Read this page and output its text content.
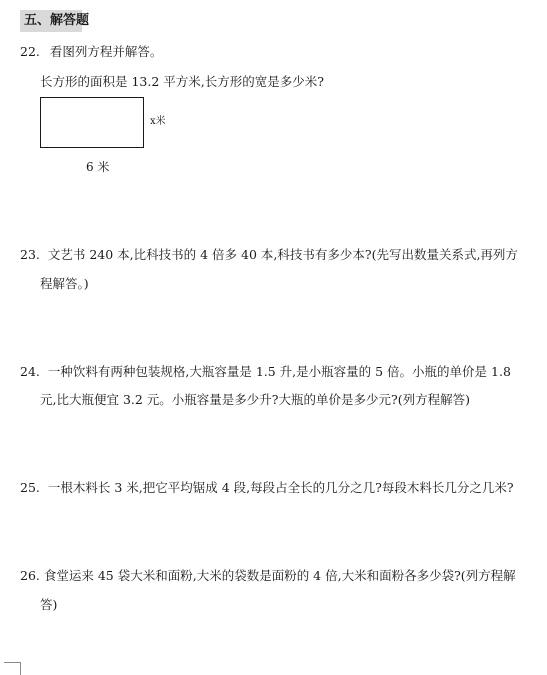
五、解答题
22. 看图列方程并解答。
长方形的面积是 13.2 平方米,长方形的宽是多少米?
x米
6 米
23. 文艺书 240 本,比科技书的 4 倍多 40 本,科技书有多少本?(先写出数量关系式,再列方
程解答。)
24. 一种饮料有两种包装规格,大瓶容量是 1.5 升,是小瓶容量的 5 倍。小瓶的单价是 1.8
元,比大瓶便宜 3.2 元。小瓶容量是多少升?大瓶的单价是多少元?(列方程解答)
25. 一根木料长 3 米,把它平均锯成 4 段,每段占全长的几分之几?每段木料长几分之几米?
26. 食堂运来 45 袋大米和面粉,大米的袋数是面粉的 4 倍,大米和面粉各多少袋?(列方程解
答)
